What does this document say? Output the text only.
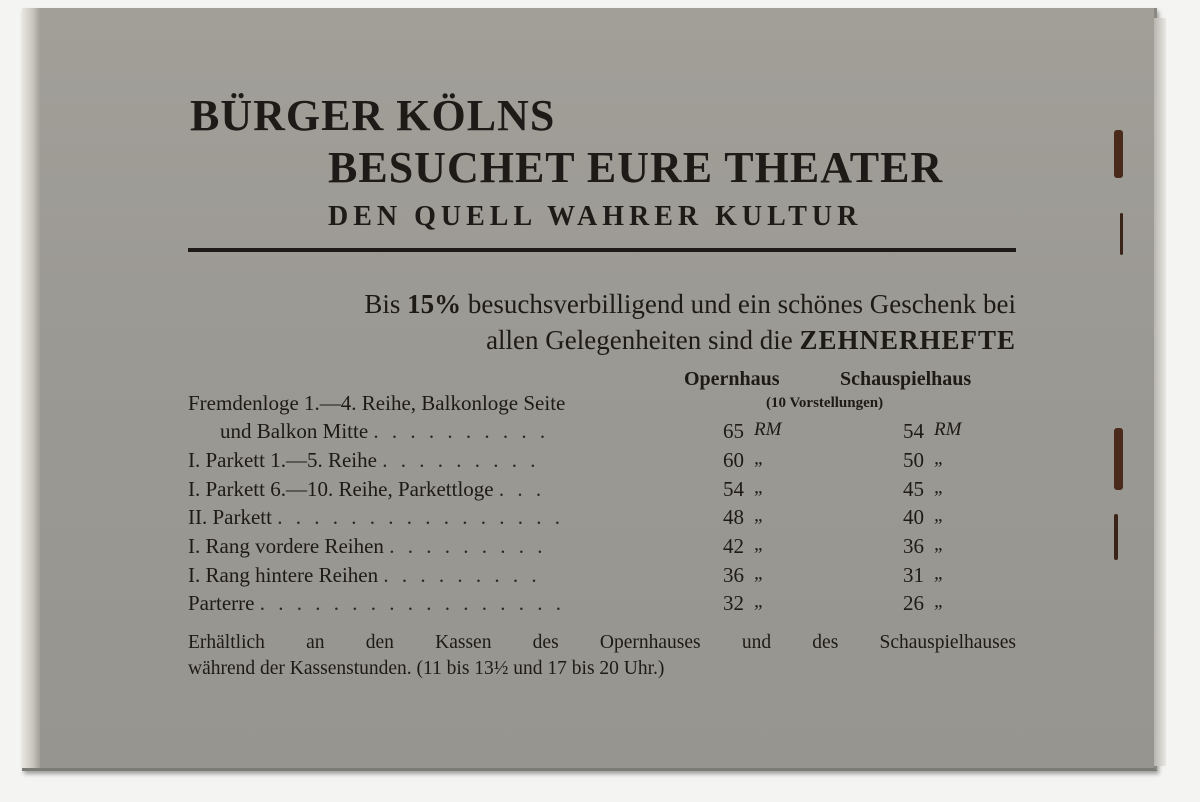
BÜRGER KÖLNS
BESUCHET EURE THEATER
DEN QUELL WAHRER KULTUR
Bis 15% besuchsverbilligend und ein schönes Geschenk bei
allen Gelegenheiten sind die ZEHNERHEFTE
Opernhaus	Schauspielhaus
(10 Vorstellungen)
Fremdenloge 1.—4. Reihe, Balkonloge Seite
und Balkon Mitte . . . . . . . . . .	65 RM	54 RM
I. Parkett 1.—5. Reihe . . . . . . . . .	60 „	50 „
I. Parkett 6.—10. Reihe, Parkettloge . . .	54 „	45 „
II. Parkett . . . . . . . . . . . . . . . .	48 „	40 „
I. Rang vordere Reihen . . . . . . . . .	42 „	36 „
I. Rang hintere Reihen . . . . . . . . .	36 „	31 „
Parterre . . . . . . . . . . . . . . . . .	32 „	26 „
Erhältlich an den Kassen des Opernhauses und des Schauspielhauses
während der Kassenstunden. (11 bis 13½ und 17 bis 20 Uhr.)
